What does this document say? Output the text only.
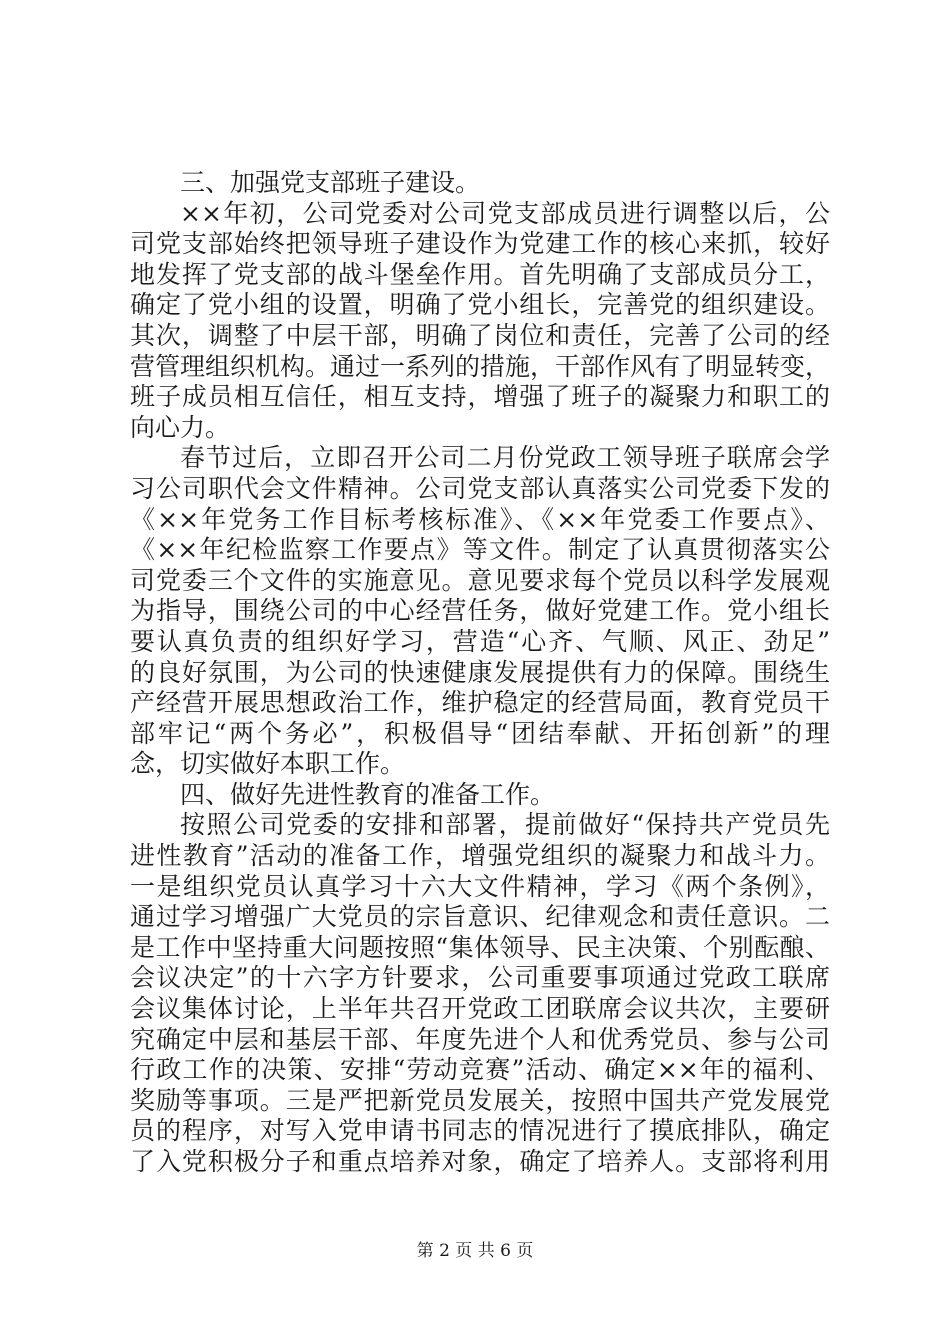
三、加强党支部班子建设。
××年初，公司党委对公司党支部成员进行调整以后，公
司党支部始终把领导班子建设作为党建工作的核心来抓，较好
地发挥了党支部的战斗堡垒作用。首先明确了支部成员分工，
确定了党小组的设置，明确了党小组长，完善党的组织建设。
其次，调整了中层干部，明确了岗位和责任，完善了公司的经
营管理组织机构。通过一系列的措施，干部作风有了明显转变，
班子成员相互信任，相互支持，增强了班子的凝聚力和职工的
向心力。
春节过后，立即召开公司二月份党政工领导班子联席会学
习公司职代会文件精神。公司党支部认真落实公司党委下发的
《××年党务工作目标考核标准》、《××年党委工作要点》、
《××年纪检监察工作要点》等文件。制定了认真贯彻落实公
司党委三个文件的实施意见。意见要求每个党员以科学发展观
为指导，围绕公司的中心经营任务，做好党建工作。党小组长
要认真负责的组织好学习，营造“心齐、气顺、风正、劲足”
的良好氛围，为公司的快速健康发展提供有力的保障。围绕生
产经营开展思想政治工作，维护稳定的经营局面，教育党员干
部牢记“两个务必”，积极倡导“团结奉献、开拓创新”的理
念，切实做好本职工作。
四、做好先进性教育的准备工作。
按照公司党委的安排和部署，提前做好“保持共产党员先
进性教育”活动的准备工作，增强党组织的凝聚力和战斗力。
一是组织党员认真学习十六大文件精神，学习《两个条例》，
通过学习增强广大党员的宗旨意识、纪律观念和责任意识。二
是工作中坚持重大问题按照“集体领导、民主决策、个别酝酿、
会议决定”的十六字方针要求，公司重要事项通过党政工联席
会议集体讨论，上半年共召开党政工团联席会议共次，主要研
究确定中层和基层干部、年度先进个人和优秀党员、参与公司
行政工作的决策、安排“劳动竞赛”活动、确定××年的福利、
奖励等事项。三是严把新党员发展关，按照中国共产党发展党
员的程序，对写入党申请书同志的情况进行了摸底排队，确定
了入党积极分子和重点培养对象，确定了培养人。支部将利用
第 2 页 共 6 页
